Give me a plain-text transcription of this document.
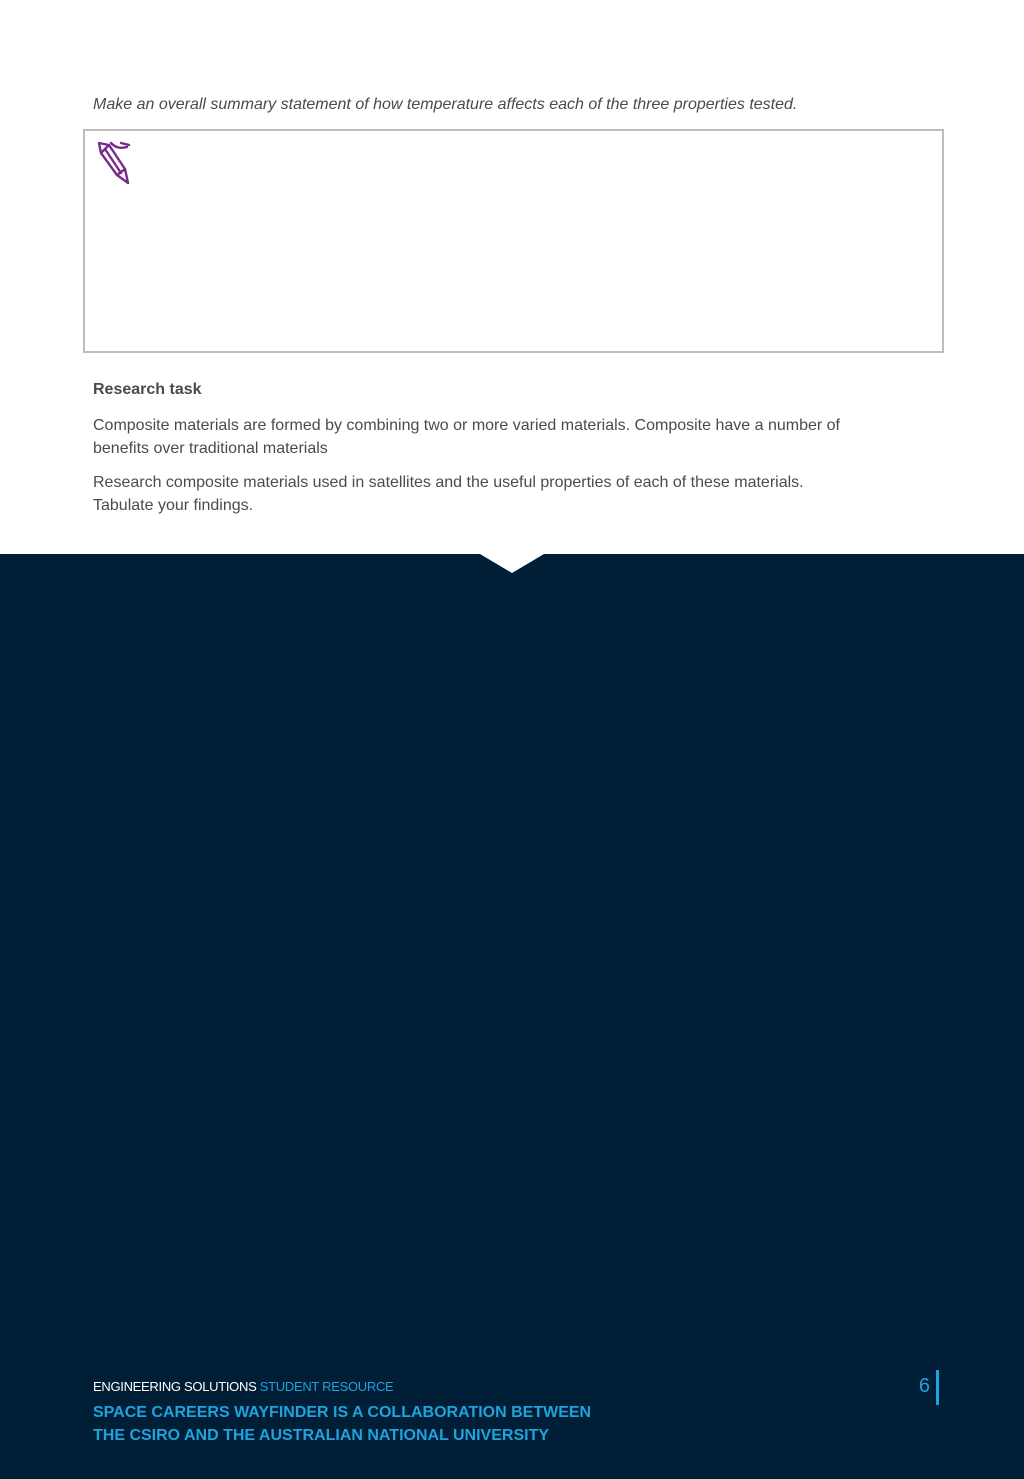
Make an overall summary statement of how temperature affects each of the three properties tested.
Research task
Composite materials are formed by combining two or more varied materials. Composite have a number of
benefits over traditional materials
Research composite materials used in satellites and the useful properties of each of these materials.
Tabulate your findings.
ENGINEERING SOLUTIONS STUDENT RESOURCE
SPACE CAREERS WAYFINDER IS A COLLABORATION BETWEEN
THE CSIRO AND THE AUSTRALIAN NATIONAL UNIVERSITY
6
